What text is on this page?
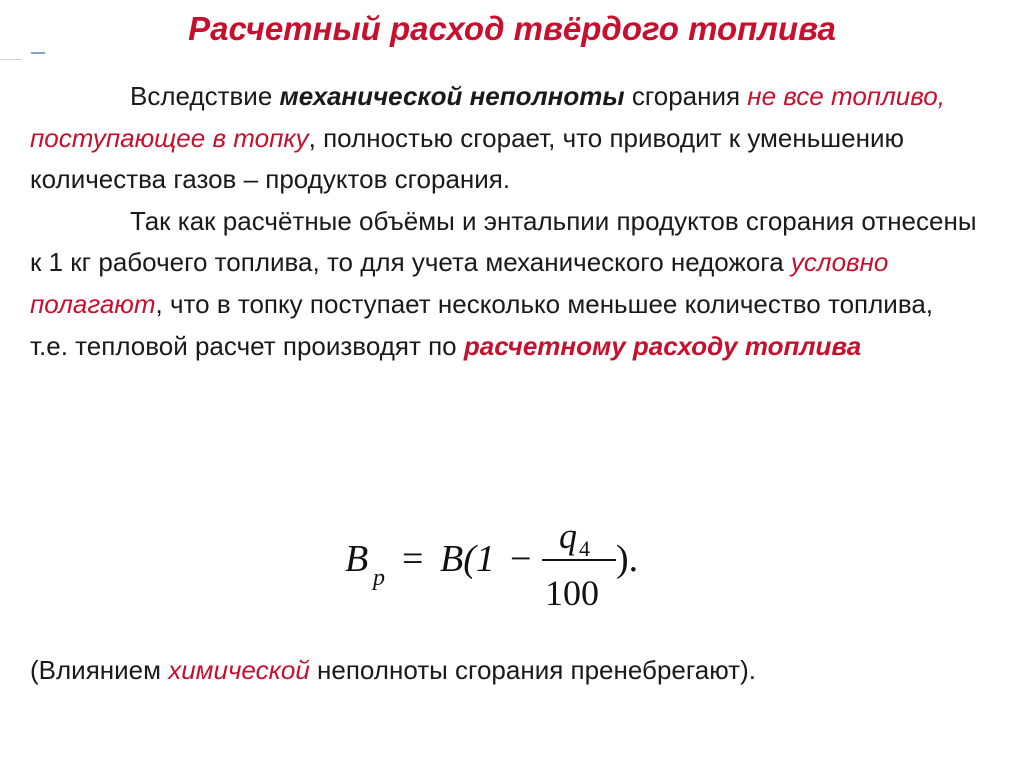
Расчетный расход твёрдого топлива

Вследствие механической неполноты сгорания не все топливо, поступающее в топку, полностью сгорает, что приводит к уменьшению количества газов – продуктов сгорания.

Так как расчётные объёмы и энтальпии продуктов сгорания отнесены к 1 кг рабочего топлива, то для учета механического недожога условно полагают, что в топку поступает несколько меньшее количество топлива,

т.е. тепловой расчет производят по расчетному расходу топлива

B p = B(1 −
q 4
100
).

(Влиянием химической неполноты сгорания пренебрегают).
